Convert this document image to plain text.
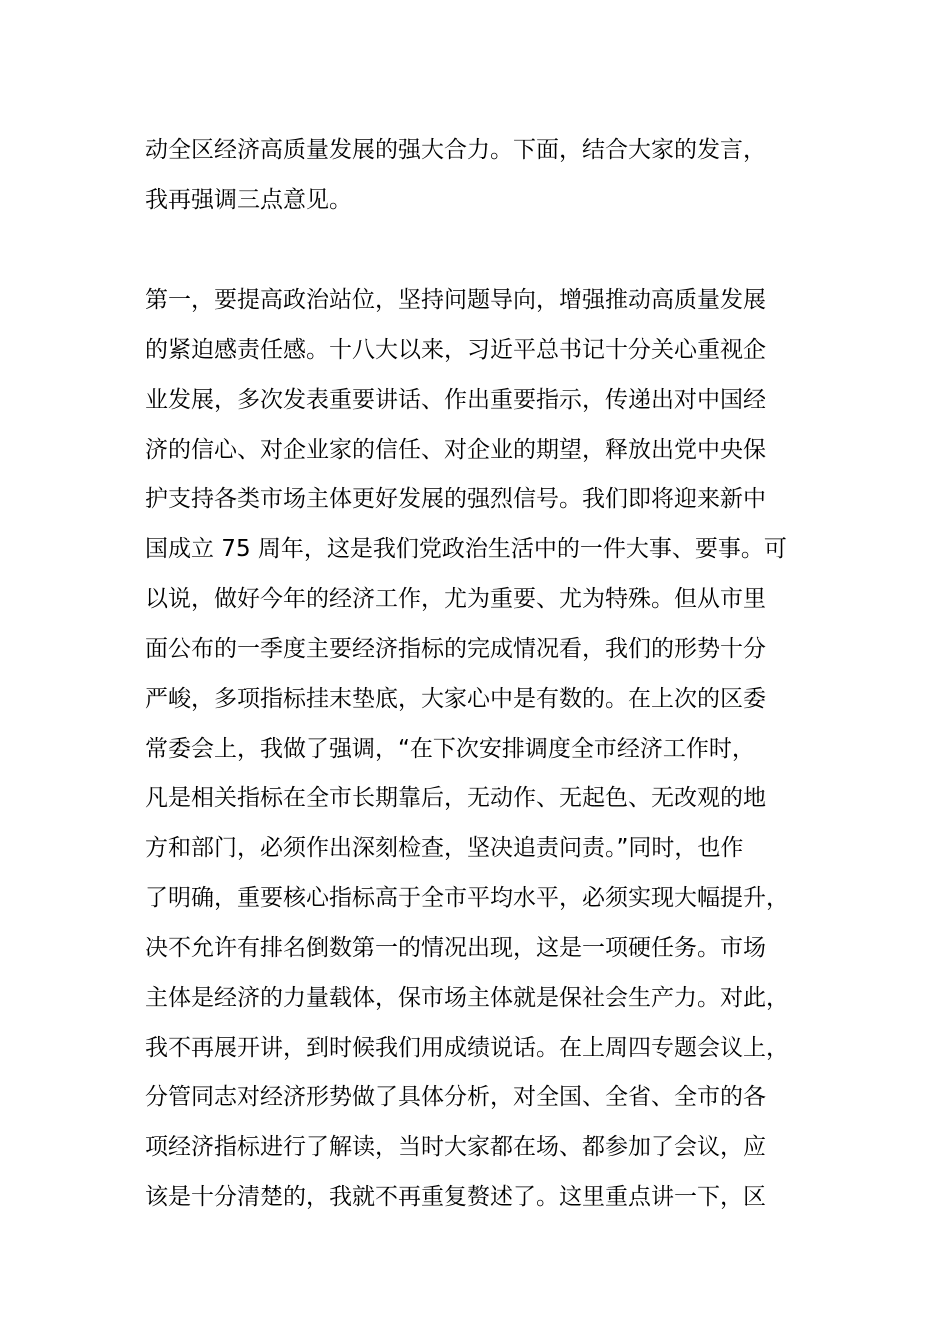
动全区经济高质量发展的强大合力。下面，结合大家的发言，
我再强调三点意见。
第一，要提高政治站位，坚持问题导向，增强推动高质量发展
的紧迫感责任感。十八大以来，习近平总书记十分关心重视企
业发展，多次发表重要讲话、作出重要指示，传递出对中国经
济的信心、对企业家的信任、对企业的期望，释放出党中央保
护支持各类市场主体更好发展的强烈信号。我们即将迎来新中
国成立 75 周年，这是我们党政治生活中的一件大事、要事。可
以说，做好今年的经济工作，尤为重要、尤为特殊。但从市里
面公布的一季度主要经济指标的完成情况看，我们的形势十分
严峻，多项指标挂末垫底，大家心中是有数的。在上次的区委
常委会上，我做了强调，“在下次安排调度全市经济工作时，
凡是相关指标在全市长期靠后，无动作、无起色、无改观的地
方和部门，必须作出深刻检查，坚决追责问责。”同时，也作
了明确，重要核心指标高于全市平均水平，必须实现大幅提升，
决不允许有排名倒数第一的情况出现，这是一项硬任务。市场
主体是经济的力量载体，保市场主体就是保社会生产力。对此，
我不再展开讲，到时候我们用成绩说话。在上周四专题会议上，
分管同志对经济形势做了具体分析，对全国、全省、全市的各
项经济指标进行了解读，当时大家都在场、都参加了会议，应
该是十分清楚的，我就不再重复赘述了。这里重点讲一下，区
